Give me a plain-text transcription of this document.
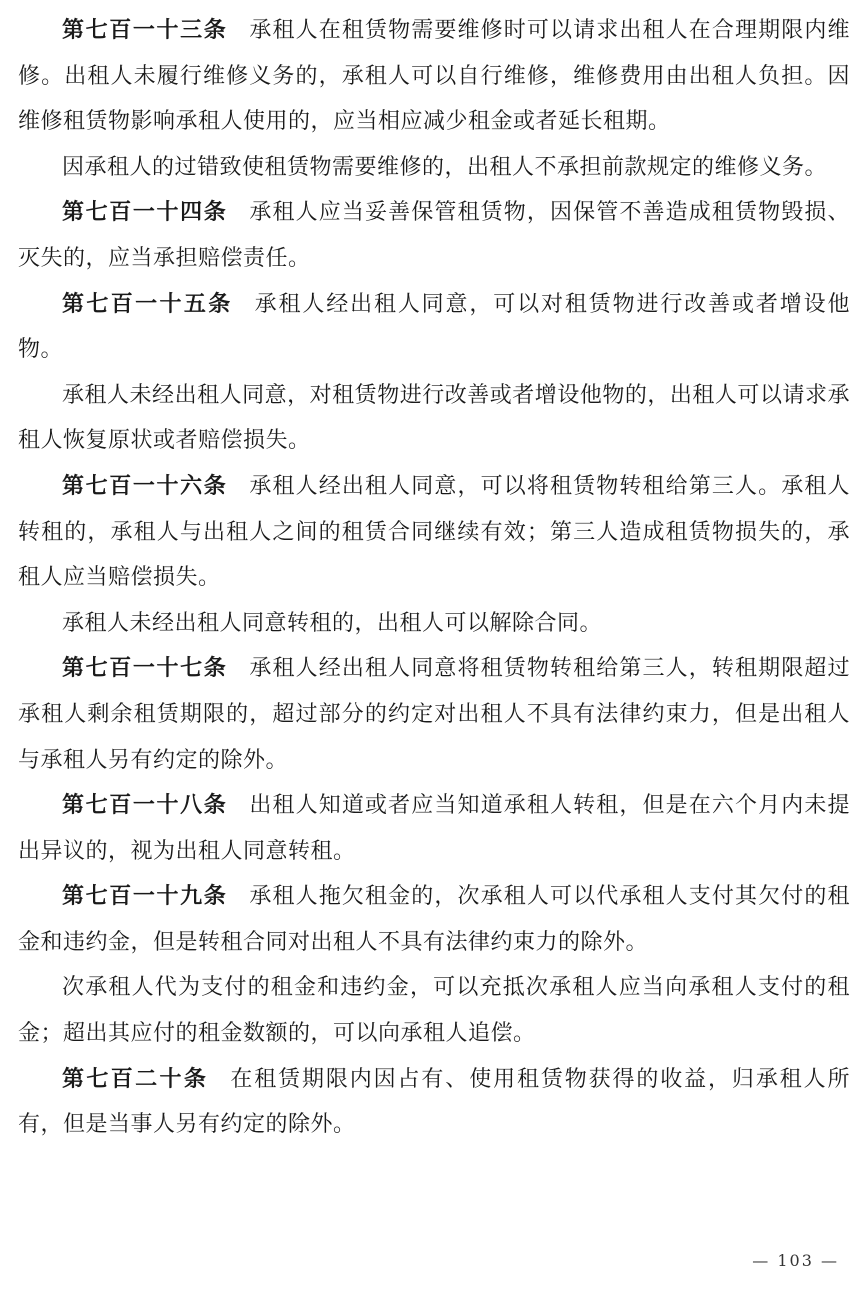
第七百一十三条 承租人在租赁物需要维修时可以请求出租人在合理期限内维修。出租人未履行维修义务的，承租人可以自行维修，维修费用由出租人负担。因维修租赁物影响承租人使用的，应当相应减少租金或者延长租期。

因承租人的过错致使租赁物需要维修的，出租人不承担前款规定的维修义务。

第七百一十四条 承租人应当妥善保管租赁物，因保管不善造成租赁物毁损、灭失的，应当承担赔偿责任。

第七百一十五条 承租人经出租人同意，可以对租赁物进行改善或者增设他物。

承租人未经出租人同意，对租赁物进行改善或者增设他物的，出租人可以请求承租人恢复原状或者赔偿损失。

第七百一十六条 承租人经出租人同意，可以将租赁物转租给第三人。承租人转租的，承租人与出租人之间的租赁合同继续有效；第三人造成租赁物损失的，承租人应当赔偿损失。

承租人未经出租人同意转租的，出租人可以解除合同。

第七百一十七条 承租人经出租人同意将租赁物转租给第三人，转租期限超过承租人剩余租赁期限的，超过部分的约定对出租人不具有法律约束力，但是出租人与承租人另有约定的除外。

第七百一十八条 出租人知道或者应当知道承租人转租，但是在六个月内未提出异议的，视为出租人同意转租。

第七百一十九条 承租人拖欠租金的，次承租人可以代承租人支付其欠付的租金和违约金，但是转租合同对出租人不具有法律约束力的除外。

次承租人代为支付的租金和违约金，可以充抵次承租人应当向承租人支付的租金；超出其应付的租金数额的，可以向承租人追偿。

第七百二十条 在租赁期限内因占有、使用租赁物获得的收益，归承租人所有，但是当事人另有约定的除外。

— 103 —
